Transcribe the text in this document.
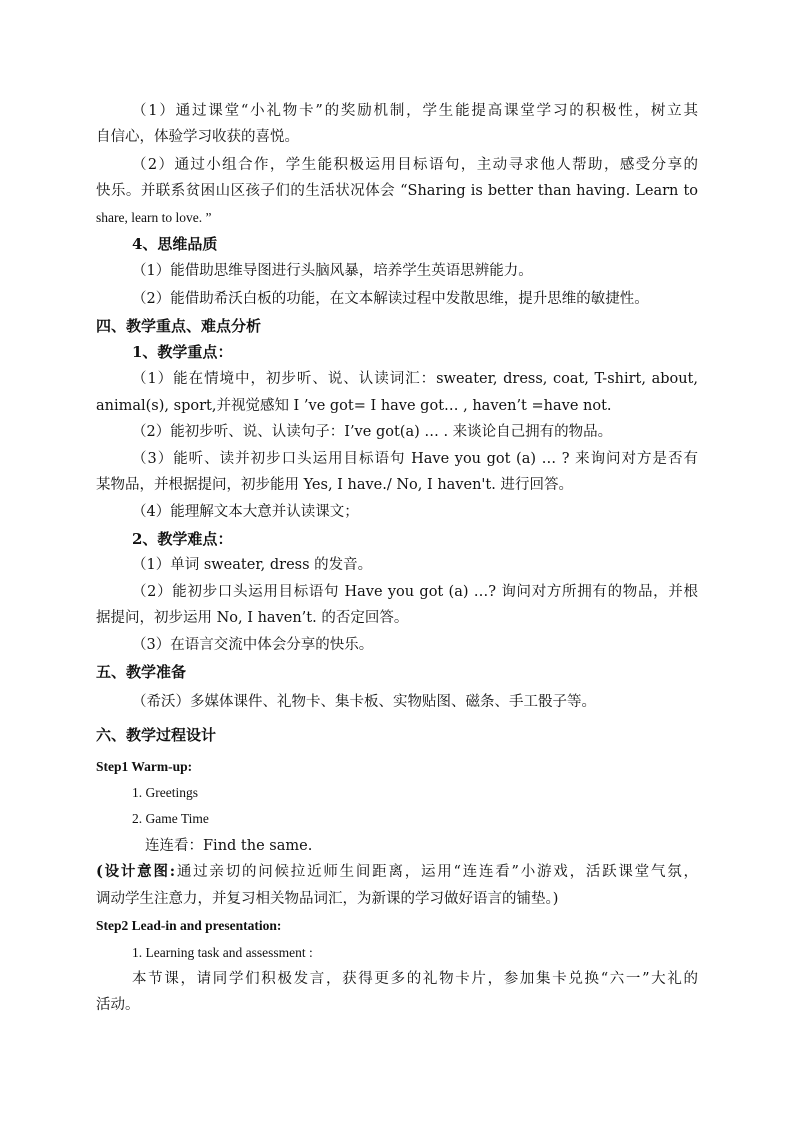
（1）通过课堂“小礼物卡”的奖励机制，学生能提高课堂学习的积极性，树立其
自信心，体验学习收获的喜悦。
（2）通过小组合作，学生能积极运用目标语句，主动寻求他人帮助，感受分享的
快乐。并联系贫困山区孩子们的生活状况体会 “Sharing is better than having. Learn to
share, learn to love. ”
4、思维品质
（1）能借助思维导图进行头脑风暴，培养学生英语思辨能力。
（2）能借助希沃白板的功能，在文本解读过程中发散思维，提升思维的敏捷性。
四、教学重点、难点分析
1、教学重点：
（1）能在情境中，初步听、说、认读词汇：sweater, dress, coat, T-shirt, about,
animal(s), sport,并视觉感知 I ’ve got= I have got… , haven’t =have not.
（2）能初步听、说、认读句子：I’ve got(a) … . 来谈论自己拥有的物品。
（3）能听、读并初步口头运用目标语句 Have you got (a) … ? 来询问对方是否有
某物品，并根据提问，初步能用 Yes, I have./ No, I haven't. 进行回答。
（4）能理解文本大意并认读课文；
2、教学难点：
（1）单词 sweater, dress 的发音。
（2）能初步口头运用目标语句 Have you got (a) …? 询问对方所拥有的物品，并根
据提问，初步运用 No, I haven’t. 的否定回答。
（3）在语言交流中体会分享的快乐。
五、教学准备
（希沃）多媒体课件、礼物卡、集卡板、实物贴图、磁条、手工骰子等。
六、教学过程设计
Step1 Warm-up:
1. Greetings
2. Game Time
连连看：Find the same.
(设计意图:通过亲切的问候拉近师生间距离，运用“连连看”小游戏，活跃课堂气氛，
调动学生注意力，并复习相关物品词汇，为新课的学习做好语言的铺垫。)
Step2 Lead-in and presentation:
1. Learning task and assessment :
本节课，请同学们积极发言，获得更多的礼物卡片，参加集卡兑换“六一”大礼的
活动。
